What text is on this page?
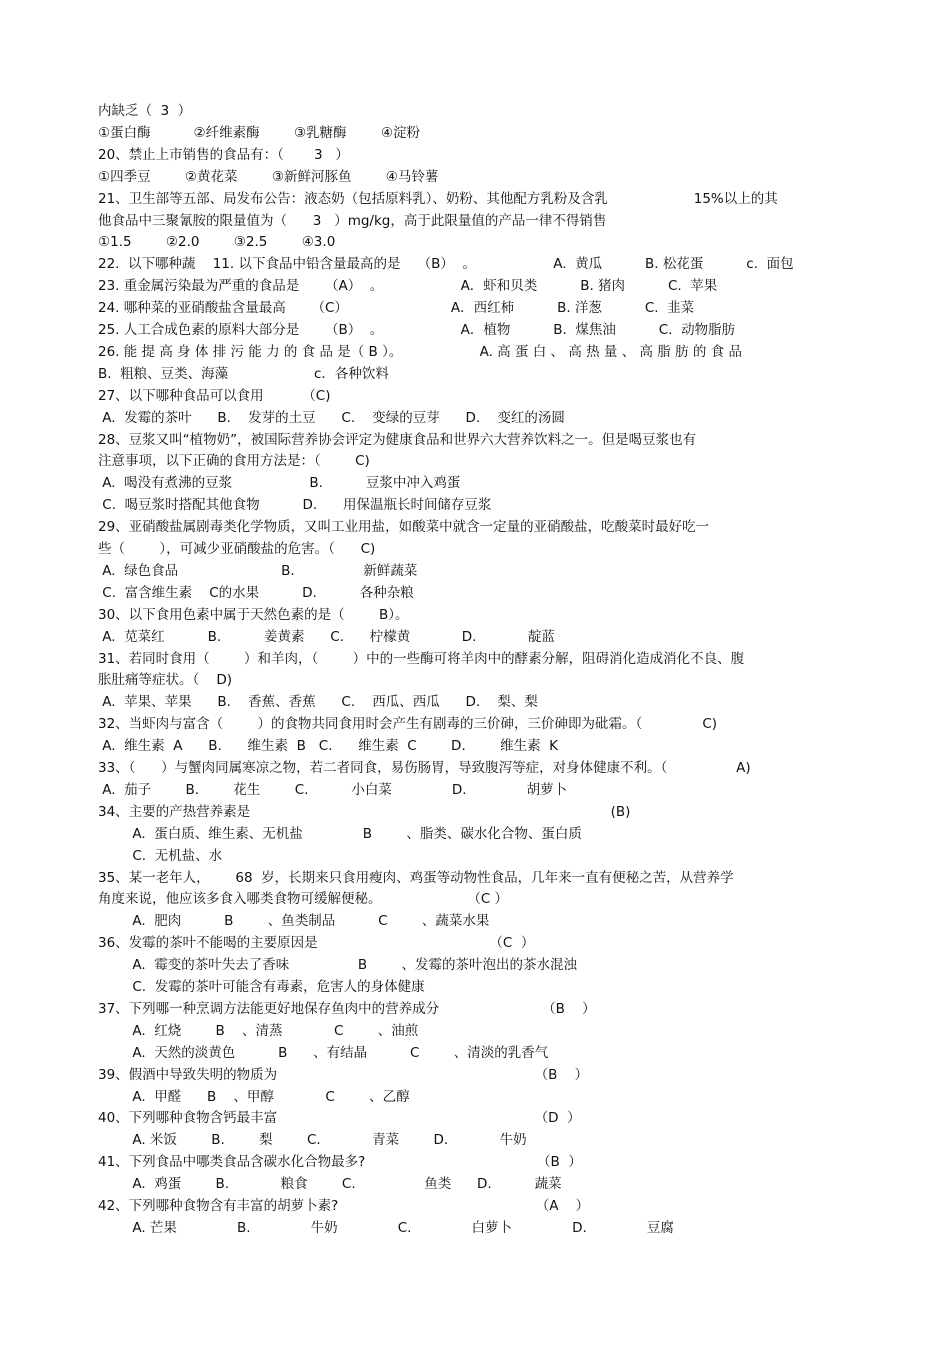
内缺乏（  3  ）
①蛋白酶          ②纤维素酶        ③乳糖酶        ④淀粉
20、禁止上市销售的食品有：（       3   ）
①四季豆        ②黄花菜        ③新鲜河豚鱼        ④马铃薯
21、卫生部等五部、局发布公告：液态奶（包括原料乳）、奶粉、其他配方乳粉及含乳                    15%以上的其
他食品中三聚氰胺的限量值为（      3   ）mg/kg，高于此限量值的产品一律不得销售
①1.5        ②2.0        ③2.5        ④3.0
22.  以下哪种蔬    11. 以下食品中铅含量最高的是    （B）  。                  A.  黄瓜          B. 松花蛋          c.  面包
23. 重金属污染最为严重的食品是      （A）  。                  A．虾和贝类          B. 猪肉          C.  苹果
24. 哪种菜的亚硝酸盐含量最高      （C）                        A．西红柿          B. 洋葱          C.  韭菜
25. 人工合成色素的原料大部分是      （B）  。                  A．植物          B.  煤焦油          C.  动物脂肪
26. 能 提 高 身 体 排 污 能 力 的 食 品 是（ B ）。                  A. 高 蛋 白 、 高 热 量 、 高 脂 肪 的 食 品
B.  粗粮、豆类、海藻                    c．各种饮料
27、以下哪种食品可以食用         （C)
A.  发霉的茶叶      B.    发芽的土豆      C.    变绿的豆芽      D.    变红的汤圆
28、豆浆又叫“植物奶”，被国际营养协会评定为健康食品和世界六大营养饮料之一。但是喝豆浆也有
注意事项，以下正确的食用方法是：（        C)
A.  喝没有煮沸的豆浆                  B.          豆浆中冲入鸡蛋
C.  喝豆浆时搭配其他食物          D.      用保温瓶长时间储存豆浆
29、亚硝酸盐属剧毒类化学物质，又叫工业用盐，如酸菜中就含一定量的亚硝酸盐，吃酸菜时最好吃一
些（        ），可减少亚硝酸盐的危害。（      C)
A.  绿色食品                        B.                新鲜蔬菜
C.  富含维生素    C的水果          D.          各种杂粮
30、以下食用色素中属于天然色素的是（        B）。
A.  苋菜红          B.          姜黄素      C.      柠檬黄            D.            靛蓝
31、若同时食用（        ）和羊肉，（        ）中的一些酶可将羊肉中的酵素分解，阻碍消化造成消化不良、腹
胀肚痛等症状。（    D)
A.  苹果、苹果      B.    香蕉、香蕉      C.    西瓜、西瓜      D.    梨、梨
32、当虾肉与富含（        ）的食物共同食用时会产生有剧毒的三价砷，三价砷即为砒霜。（              C)
A.  维生素  A      B.      维生素  B   C.      维生素  C        D.        维生素  K
33、（      ）与蟹肉同属寒凉之物，若二者同食，易伤肠胃，导致腹泻等症，对身体健康不利。（                A)
A.  茄子        B.        花生        C.          小白菜              D.              胡萝卜
34、主要的产热营养素是                                                                                    (B)
A.  蛋白质、维生素、无机盐              B        、脂类、碳水化合物、蛋白质
C.  无机盐、水
35、某一老年人，      68  岁，长期来只食用瘦肉、鸡蛋等动物性食品，几年来一直有便秘之苦，从营养学
角度来说，他应该多食入哪类食物可缓解便秘。                    （C ）
A.  肥肉          B        、鱼类制品          C        、蔬菜水果
36、发霉的茶叶不能喝的主要原因是                                        （C  ）
A.  霉变的茶叶失去了香味                B        、发霉的茶叶泡出的茶水混浊
C.  发霉的茶叶可能含有毒素，危害人的身体健康
37、下列哪一种烹调方法能更好地保存鱼肉中的营养成分                        （B    ）
A.  红烧        B    、清蒸            C        、油煎
A.  天然的淡黄色          B      、有结晶          C        、清淡的乳香气
39、假酒中导致失明的物质为                                                            （B    ）
A.  甲醛      B    、甲醇            C        、乙醇
40、下列哪种食物含钙最丰富                                                            （D  ）
A. 米饭        B.        梨        C.            青菜        D.            牛奶
41、下列食品中哪类食品含碳水化合物最多?                                        （B  ）
A.  鸡蛋        B.            粮食        C.                鱼类      D.          蔬菜
42、下列哪种食物含有丰富的胡萝卜素?                                              （A    ）
A. 芒果              B.              牛奶              C.              白萝卜              D.              豆腐
